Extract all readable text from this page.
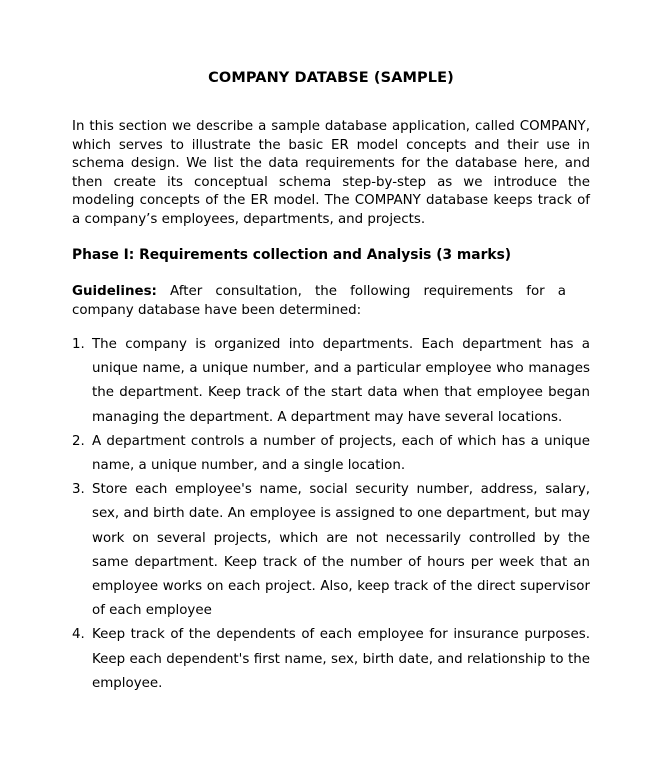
COMPANY DATABSE (SAMPLE)

In this section we describe a sample database application, called COMPANY, which serves to illustrate the basic ER model concepts and their use in schema design. We list the data requirements for the database here, and then create its conceptual schema step-by-step as we introduce the modeling concepts of the ER model. The COMPANY database keeps track of a company’s employees, departments, and projects.

Phase I: Requirements collection and Analysis (3 marks)

Guidelines: After consultation, the following requirements for a company database have been determined:

1. The company is organized into departments. Each department has a unique name, a unique number, and a particular employee who manages the department. Keep track of the start data when that employee began managing the department. A department may have several locations.
2. A department controls a number of projects, each of which has a unique name, a unique number, and a single location.
3. Store each employee's name, social security number, address, salary, sex, and birth date. An employee is assigned to one department, but may work on several projects, which are not necessarily controlled by the same department. Keep track of the number of hours per week that an employee works on each project. Also, keep track of the direct supervisor of each employee
4. Keep track of the dependents of each employee for insurance purposes. Keep each dependent's first name, sex, birth date, and relationship to the employee.
